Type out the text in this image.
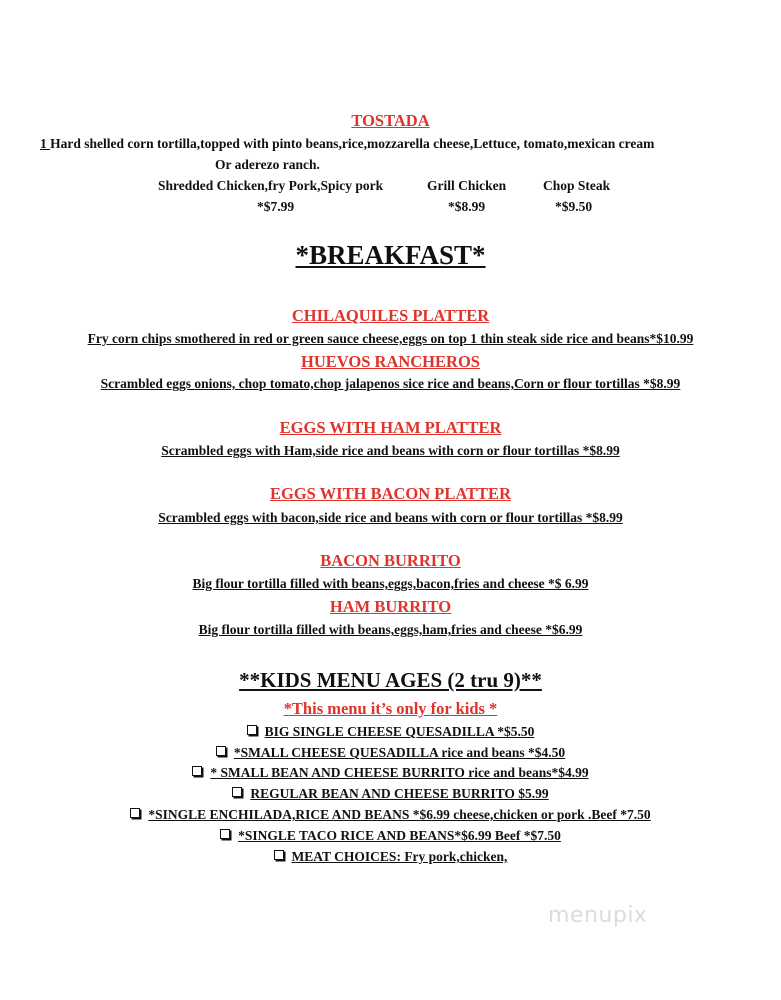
TOSTADA
1 Hard shelled corn tortilla,topped with pinto beans,rice,mozzarella cheese,Lettuce, tomato,mexican cream
Or aderezo ranch.
Shredded Chicken,fry Pork,Spicy pork	Grill Chicken	Chop Steak
*$7.99	*$8.99	*$9.50
*BREAKFAST*
CHILAQUILES PLATTER
Fry corn chips smothered in red or green sauce cheese,eggs on top 1 thin steak side rice and beans*$10.99
HUEVOS RANCHEROS
Scrambled eggs onions, chop tomato,chop jalapenos sice rice and beans,Corn or flour tortillas *$8.99
EGGS WITH HAM PLATTER
Scrambled eggs with Ham,side rice and beans with corn or flour tortillas *$8.99
EGGS WITH BACON PLATTER
Scrambled eggs with bacon,side rice and beans with corn or flour tortillas *$8.99
BACON BURRITO
Big flour tortilla filled with beans,eggs,bacon,fries and cheese *$ 6.99
HAM BURRITO
Big flour tortilla filled with beans,eggs,ham,fries and cheese *$6.99
**KIDS MENU AGES (2 tru 9)**
*This menu it’s only for kids *
BIG SINGLE CHEESE QUESADILLA *$5.50
*SMALL CHEESE QUESADILLA rice and beans *$4.50
* SMALL BEAN AND CHEESE BURRITO rice and beans*$4.99
REGULAR BEAN AND CHEESE BURRITO $5.99
*SINGLE ENCHILADA,RICE AND BEANS *$6.99 cheese,chicken or pork .Beef *7.50
*SINGLE TACO RICE AND BEANS*$6.99 Beef *$7.50
MEAT CHOICES: Fry pork,chicken,
menupix
